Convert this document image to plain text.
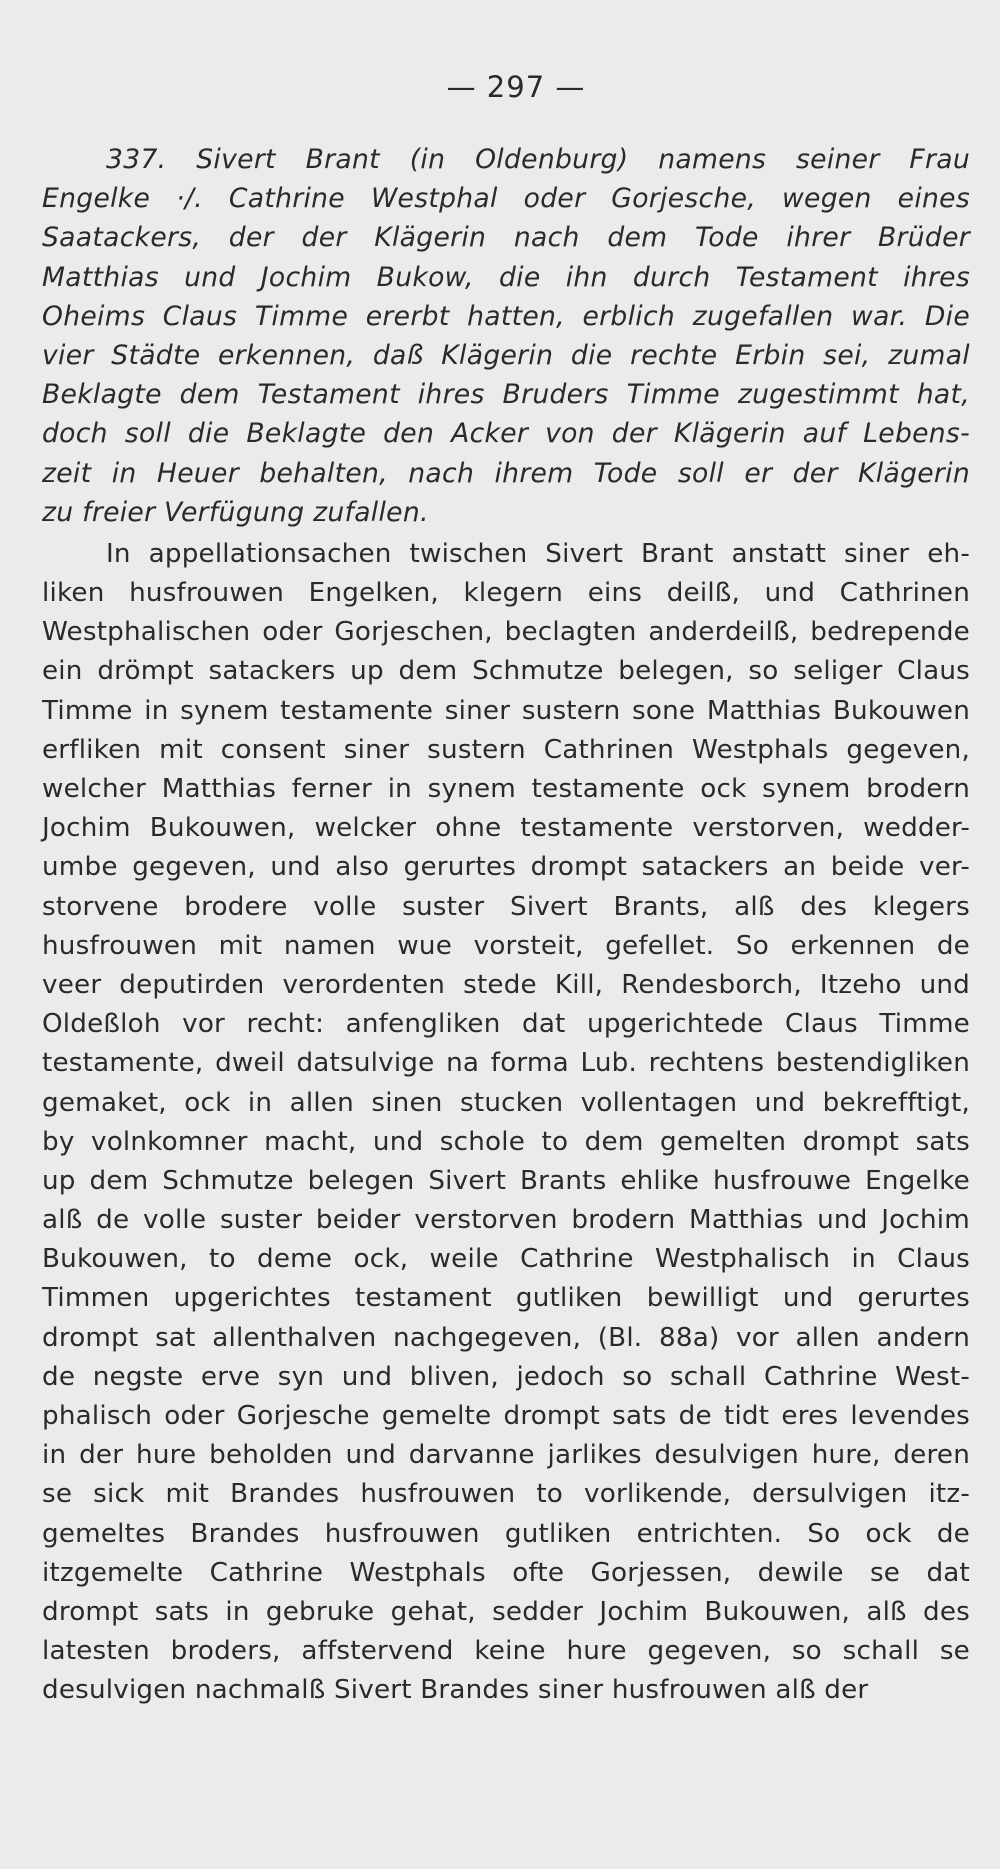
— 297 —
337. Sivert Brant (in Oldenburg) namens seiner Frau
Engelke ·/. Cathrine Westphal oder Gorjesche, wegen eines
Saatackers, der der Klägerin nach dem Tode ihrer Brüder
Matthias und Jochim Bukow, die ihn durch Testament ihres
Oheims Claus Timme ererbt hatten, erblich zugefallen war. Die
vier Städte erkennen, daß Klägerin die rechte Erbin sei, zumal
Beklagte dem Testament ihres Bruders Timme zugestimmt hat,
doch soll die Beklagte den Acker von der Klägerin auf Lebens-
zeit in Heuer behalten, nach ihrem Tode soll er der Klägerin
zu freier Verfügung zufallen.
In appellationsachen twischen Sivert Brant anstatt siner eh-
liken husfrouwen Engelken, klegern eins deilß, und Cathrinen
Westphalischen oder Gorjeschen, beclagten anderdeilß, bedrepende
ein drömpt satackers up dem Schmutze belegen, so seliger Claus
Timme in synem testamente siner sustern sone Matthias Bukouwen
erfliken mit consent siner sustern Cathrinen Westphals gegeven,
welcher Matthias ferner in synem testamente ock synem brodern
Jochim Bukouwen, welcker ohne testamente verstorven, wedder-
umbe gegeven, und also gerurtes drompt satackers an beide ver-
storvene brodere volle suster Sivert Brants, alß des klegers
husfrouwen mit namen wue vorsteit, gefellet. So erkennen de
veer deputirden verordenten stede Kill, Rendesborch, Itzeho und
Oldeßloh vor recht: anfengliken dat upgerichtede Claus Timme
testamente, dweil datsulvige na forma Lub. rechtens bestendigliken
gemaket, ock in allen sinen stucken vollentagen und bekrefftigt,
by volnkomner macht, und schole to dem gemelten drompt sats
up dem Schmutze belegen Sivert Brants ehlike husfrouwe Engelke
alß de volle suster beider verstorven brodern Matthias und Jochim
Bukouwen, to deme ock, weile Cathrine Westphalisch in Claus
Timmen upgerichtes testament gutliken bewilligt und gerurtes
drompt sat allenthalven nachgegeven, (Bl. 88a) vor allen andern
de negste erve syn und bliven, jedoch so schall Cathrine West-
phalisch oder Gorjesche gemelte drompt sats de tidt eres levendes
in der hure beholden und darvanne jarlikes desulvigen hure, deren
se sick mit Brandes husfrouwen to vorlikende, dersulvigen itz-
gemeltes Brandes husfrouwen gutliken entrichten. So ock de
itzgemelte Cathrine Westphals ofte Gorjessen, dewile se dat
drompt sats in gebruke gehat, sedder Jochim Bukouwen, alß des
latesten broders, affstervend keine hure gegeven, so schall se
desulvigen nachmalß Sivert Brandes siner husfrouwen alß der
